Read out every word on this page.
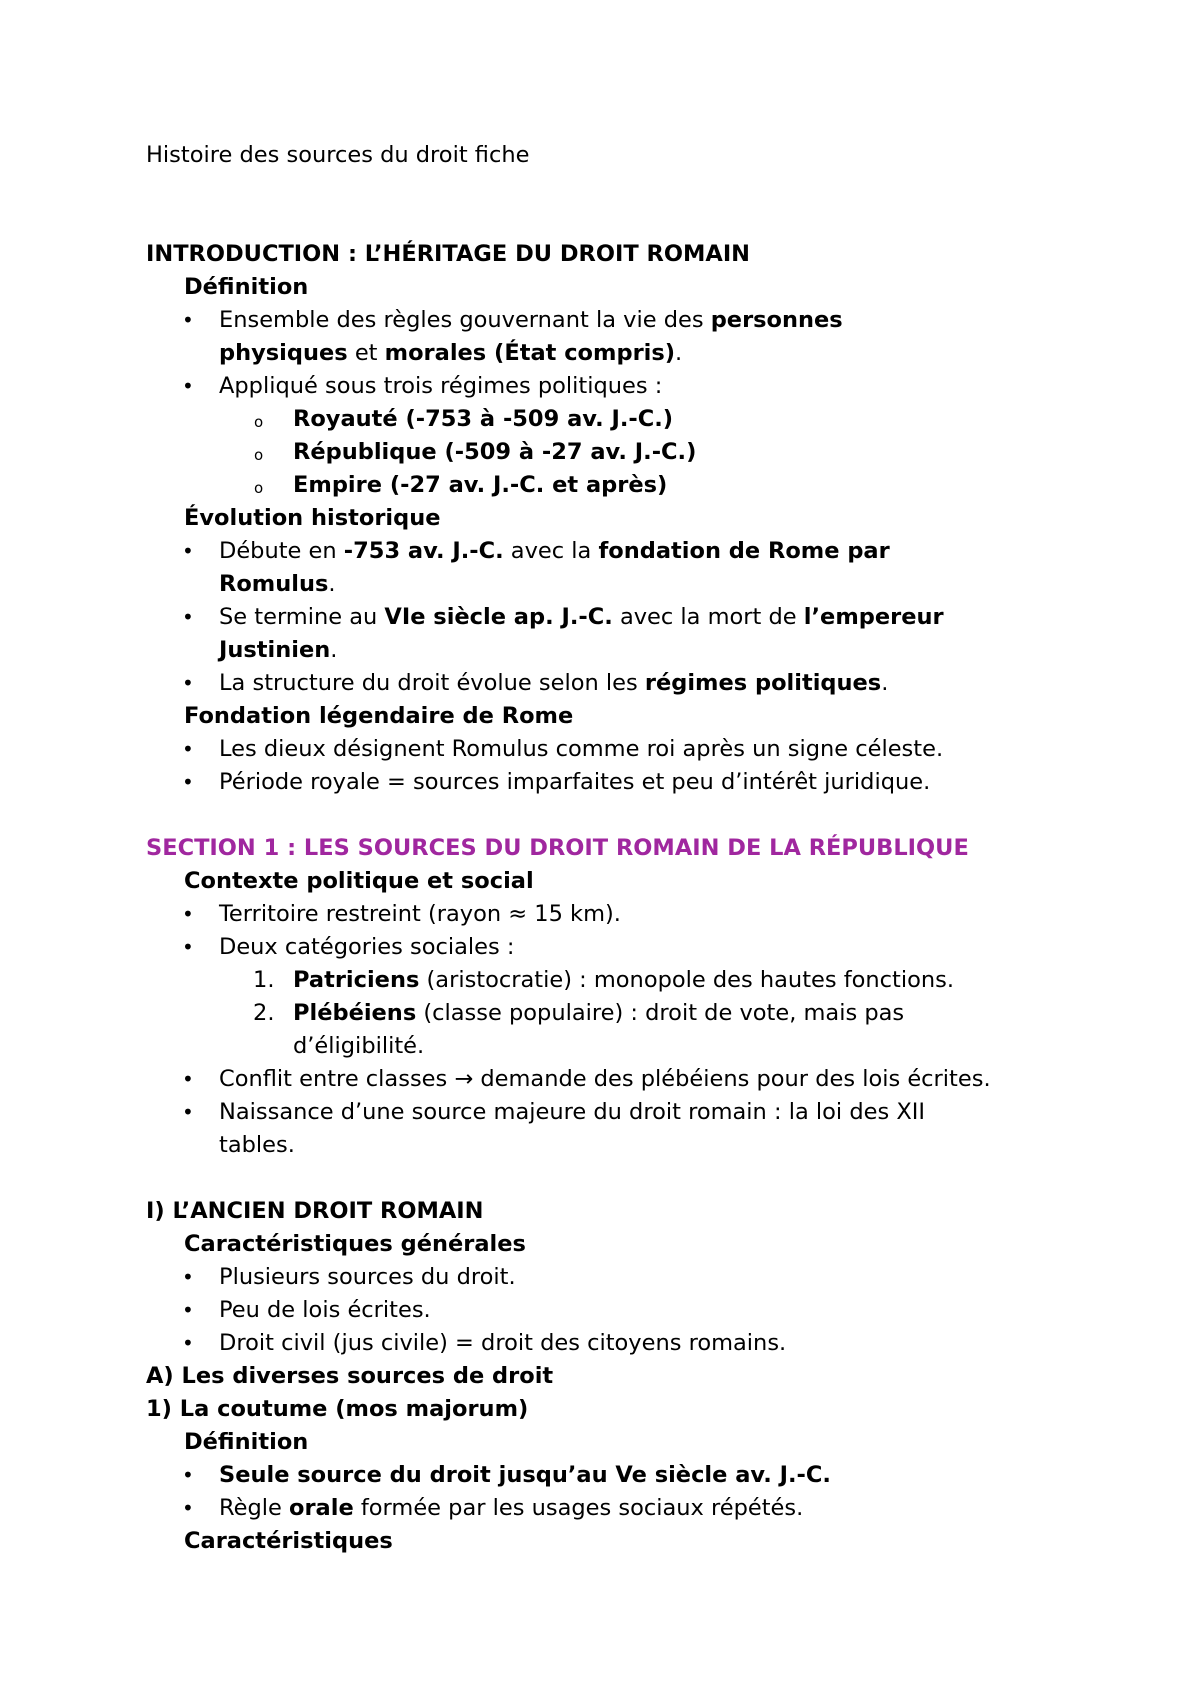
Histoire des sources du droit fiche
INTRODUCTION : L’HÉRITAGE DU DROIT ROMAIN
Définition
• Ensemble des règles gouvernant la vie des personnes
physiques et morales (État compris).
• Appliqué sous trois régimes politiques :
o Royauté (-753 à -509 av. J.-C.)
o République (-509 à -27 av. J.-C.)
o Empire (-27 av. J.-C. et après)
Évolution historique
• Débute en -753 av. J.-C. avec la fondation de Rome par
Romulus.
• Se termine au VIe siècle ap. J.-C. avec la mort de l’empereur
Justinien.
• La structure du droit évolue selon les régimes politiques.
Fondation légendaire de Rome
• Les dieux désignent Romulus comme roi après un signe céleste.
• Période royale = sources imparfaites et peu d’intérêt juridique.
SECTION 1 : LES SOURCES DU DROIT ROMAIN DE LA RÉPUBLIQUE
Contexte politique et social
• Territoire restreint (rayon ≈ 15 km).
• Deux catégories sociales :
1. Patriciens (aristocratie) : monopole des hautes fonctions.
2. Plébéiens (classe populaire) : droit de vote, mais pas
d’éligibilité.
• Conflit entre classes → demande des plébéiens pour des lois écrites.
• Naissance d’une source majeure du droit romain : la loi des XII
tables.
I) L’ANCIEN DROIT ROMAIN
Caractéristiques générales
• Plusieurs sources du droit.
• Peu de lois écrites.
• Droit civil (jus civile) = droit des citoyens romains.
A) Les diverses sources de droit
1) La coutume (mos majorum)
Définition
• Seule source du droit jusqu’au Ve siècle av. J.-C.
• Règle orale formée par les usages sociaux répétés.
Caractéristiques
